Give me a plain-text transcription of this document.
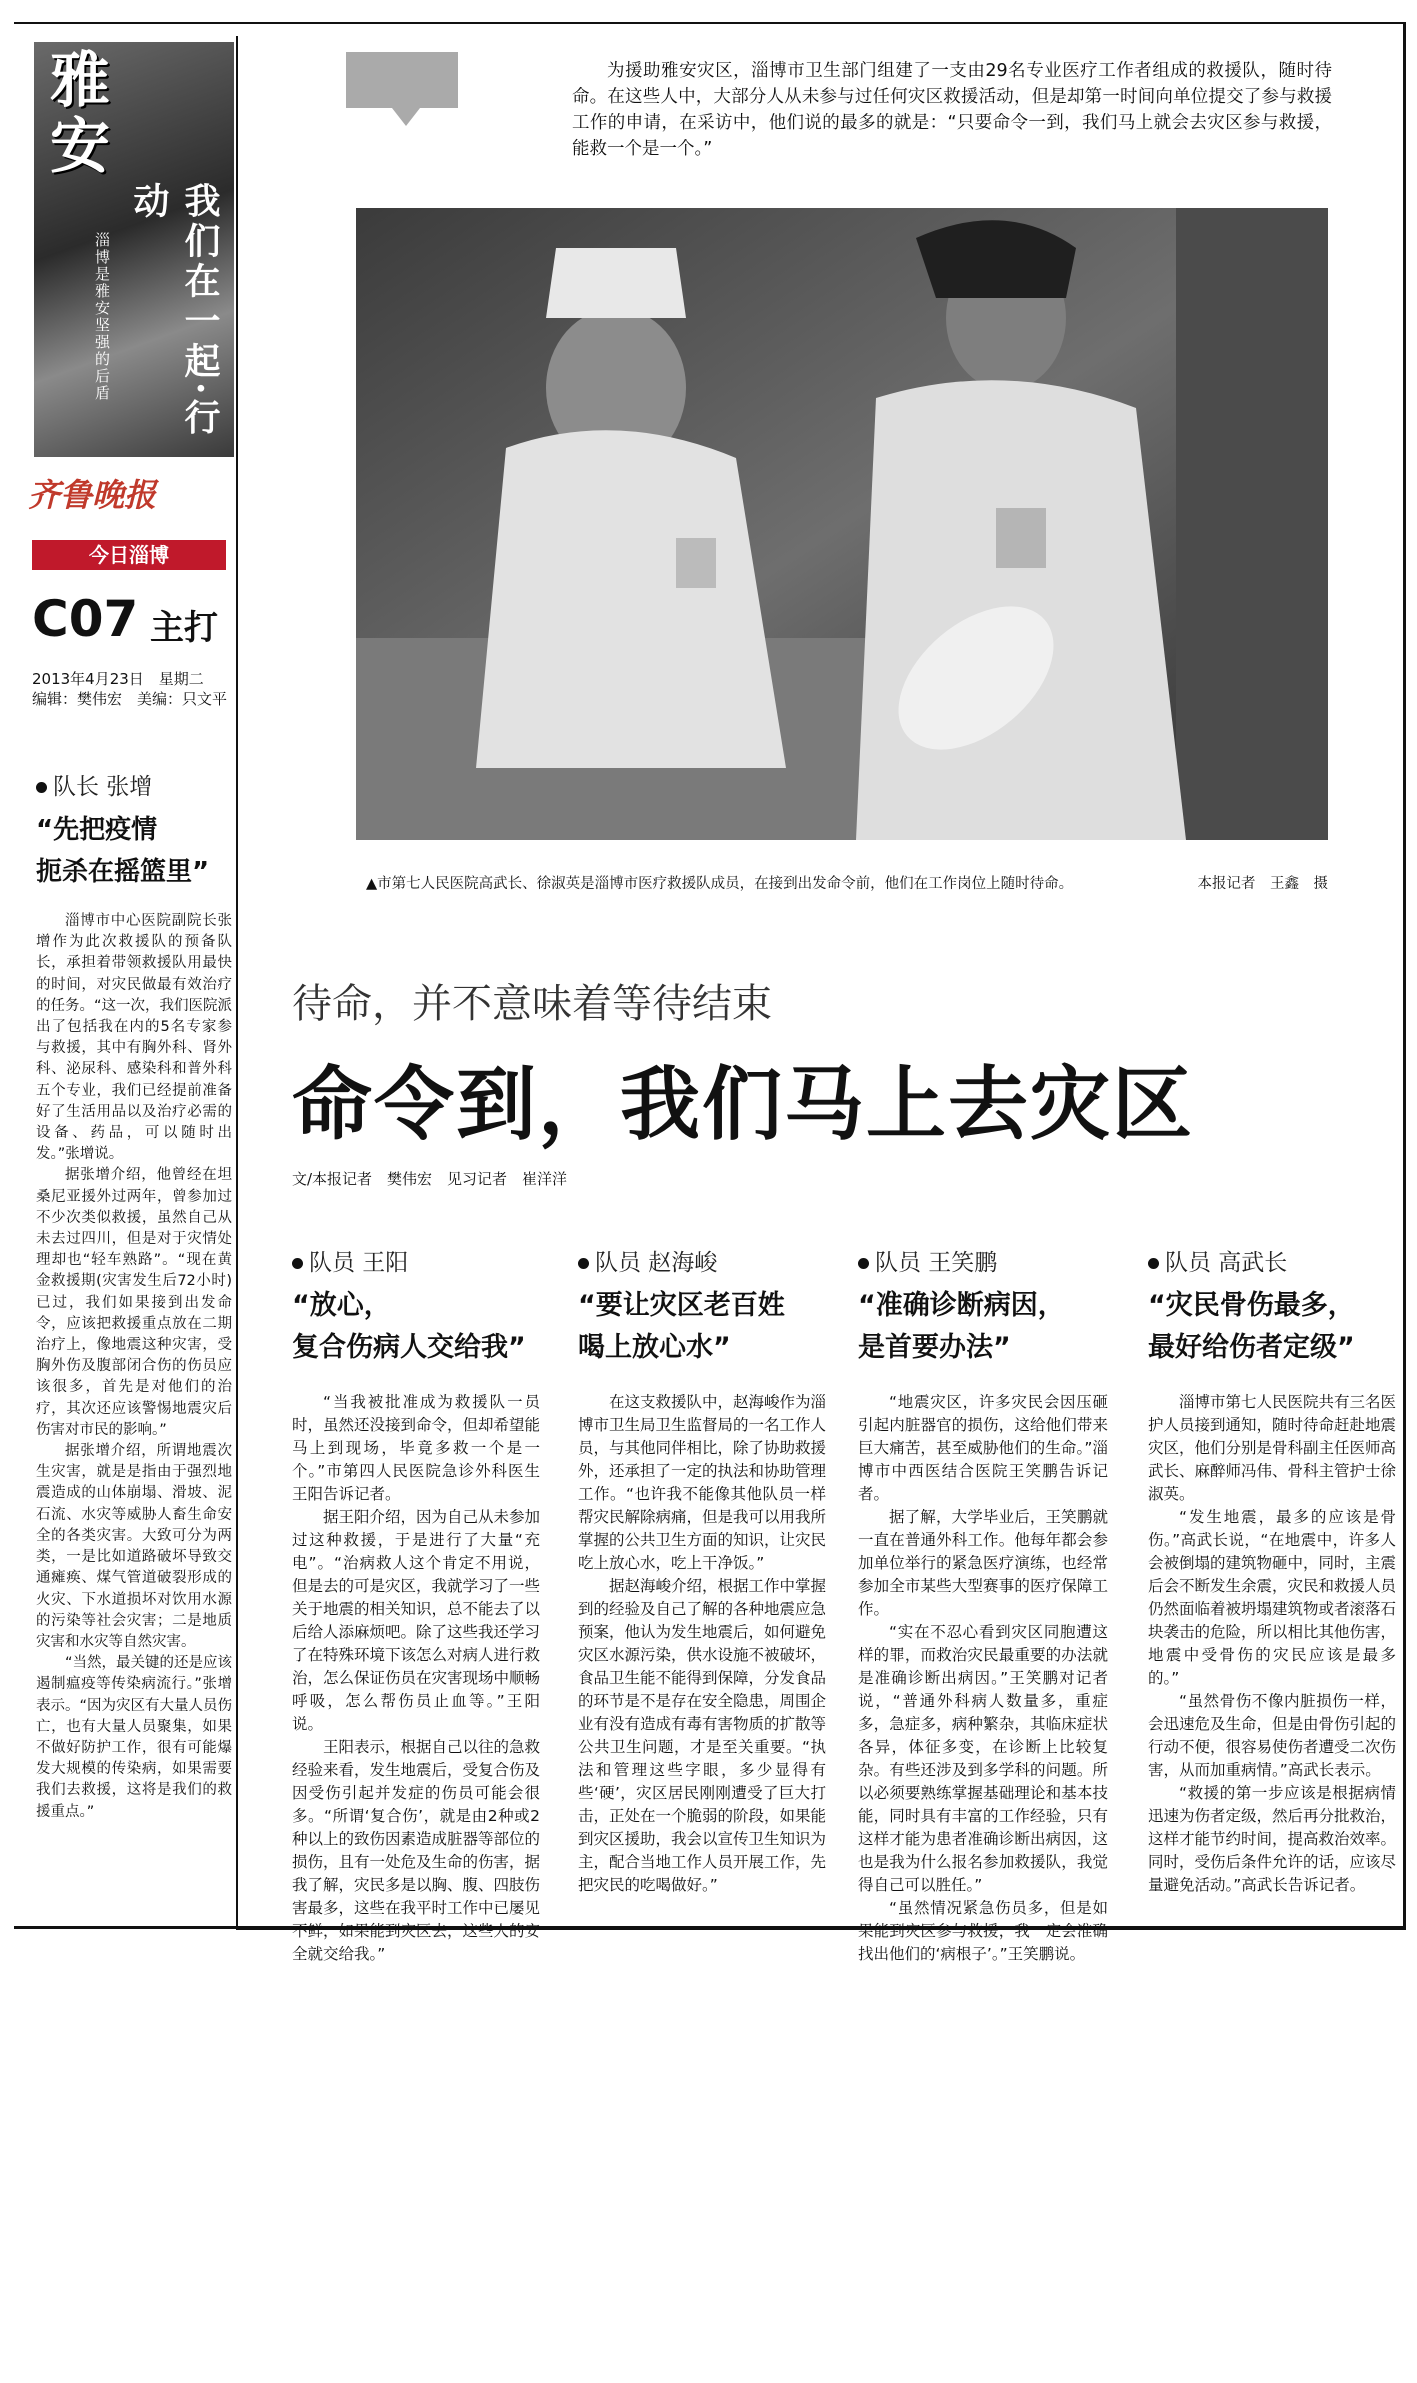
雅
安
淄博是雅安坚强的后盾	我们在一起·行动
齐鲁晚报
今日淄博
C07 主打
2013年4月23日　星期二
编辑：樊伟宏　美编：只文平
为援助雅安灾区，淄博市卫生部门组建了一支由29名专业医疗工作者组成的救援队，随时待命。在这些人中，大部分人从未参与过任何灾区救援活动，但是却第一时间向单位提交了参与救援工作的申请，在采访中，他们说的最多的就是：“只要命令一到，我们马上就会去灾区参与救援，能救一个是一个。”
▲市第七人民医院高武长、徐淑英是淄博市医疗救援队成员，在接到出发命令前，他们在工作岗位上随时待命。	本报记者　王鑫　摄
待命，并不意味着等待结束
命令到，我们马上去灾区
文/本报记者　樊伟宏　见习记者　崔洋洋
队长 张增
“先把疫情
扼杀在摇篮里”

淄博市中心医院副院长张增作为此次救援队的预备队长，承担着带领救援队用最快的时间，对灾民做最有效治疗的任务。“这一次，我们医院派出了包括我在内的5名专家参与救援，其中有胸外科、肾外科、泌尿科、感染科和普外科五个专业，我们已经提前准备好了生活用品以及治疗必需的设备、药品，可以随时出发。”张增说。

据张增介绍，他曾经在坦桑尼亚援外过两年，曾参加过不少次类似救援，虽然自己从未去过四川，但是对于灾情处理却也“轻车熟路”。“现在黄金救援期(灾害发生后72小时)已过，我们如果接到出发命令，应该把救援重点放在二期治疗上，像地震这种灾害，受胸外伤及腹部闭合伤的伤员应该很多，首先是对他们的治疗，其次还应该警惕地震灾后伤害对市民的影响。”

据张增介绍，所谓地震次生灾害，就是是指由于强烈地震造成的山体崩塌、滑坡、泥石流、水灾等威胁人畜生命安全的各类灾害。大致可分为两类，一是比如道路破坏导致交通瘫痪、煤气管道破裂形成的火灾、下水道损坏对饮用水源的污染等社会灾害；二是地质灾害和水灾等自然灾害。

“当然，最关键的还是应该遏制瘟疫等传染病流行。”张增表示。“因为灾区有大量人员伤亡，也有大量人员聚集，如果不做好防护工作，很有可能爆发大规模的传染病，如果需要我们去救援，这将是我们的救援重点。”

队员 王阳
“放心，
复合伤病人交给我”

“当我被批准成为救援队一员时，虽然还没接到命令，但却希望能马上到现场，毕竟多救一个是一个。”市第四人民医院急诊外科医生王阳告诉记者。

据王阳介绍，因为自己从未参加过这种救援，于是进行了大量“充电”。“治病救人这个肯定不用说，但是去的可是灾区，我就学习了一些关于地震的相关知识，总不能去了以后给人添麻烦吧。除了这些我还学习了在特殊环境下该怎么对病人进行救治，怎么保证伤员在灾害现场中顺畅呼吸，怎么帮伤员止血等。”王阳说。

王阳表示，根据自己以往的急救经验来看，发生地震后，受复合伤及因受伤引起并发症的伤员可能会很多。“所谓‘复合伤’，就是由2种或2种以上的致伤因素造成脏器等部位的损伤，且有一处危及生命的伤害，据我了解，灾民多是以胸、腹、四肢伤害最多，这些在我平时工作中已屡见不鲜，如果能到灾区去，这些人的安全就交给我。”

队员 赵海峻
“要让灾区老百姓
喝上放心水”

在这支救援队中，赵海峻作为淄博市卫生局卫生监督局的一名工作人员，与其他同伴相比，除了协助救援外，还承担了一定的执法和协助管理工作。“也许我不能像其他队员一样帮灾民解除病痛，但是我可以用我所掌握的公共卫生方面的知识，让灾民吃上放心水，吃上干净饭。”

据赵海峻介绍，根据工作中掌握到的经验及自己了解的各种地震应急预案，他认为发生地震后，如何避免灾区水源污染，供水设施不被破坏，食品卫生能不能得到保障，分发食品的环节是不是存在安全隐患，周围企业有没有造成有毒有害物质的扩散等公共卫生问题，才是至关重要。“执法和管理这些字眼，多少显得有些‘硬’，灾区居民刚刚遭受了巨大打击，正处在一个脆弱的阶段，如果能到灾区援助，我会以宣传卫生知识为主，配合当地工作人员开展工作，先把灾民的吃喝做好。”

队员 王笑鹏
“准确诊断病因，
是首要办法”

“地震灾区，许多灾民会因压砸引起内脏器官的损伤，这给他们带来巨大痛苦，甚至威胁他们的生命。”淄博市中西医结合医院王笑鹏告诉记者。

据了解，大学毕业后，王笑鹏就一直在普通外科工作。他每年都会参加单位举行的紧急医疗演练，也经常参加全市某些大型赛事的医疗保障工作。

“实在不忍心看到灾区同胞遭这样的罪，而救治灾民最重要的办法就是准确诊断出病因。”王笑鹏对记者说，“普通外科病人数量多，重症多，急症多，病种繁杂，其临床症状各异，体征多变，在诊断上比较复杂。有些还涉及到多学科的问题。所以必须要熟练掌握基础理论和基本技能，同时具有丰富的工作经验，只有这样才能为患者准确诊断出病因，这也是我为什么报名参加救援队，我觉得自己可以胜任。”

“虽然情况紧急伤员多，但是如果能到灾区参与救援，我一定会准确找出他们的‘病根子’。”王笑鹏说。

队员 高武长
“灾民骨伤最多，
最好给伤者定级”

淄博市第七人民医院共有三名医护人员接到通知，随时待命赶赴地震灾区，他们分别是骨科副主任医师高武长、麻醉师冯伟、骨科主管护士徐淑英。

“发生地震，最多的应该是骨伤。”高武长说，“在地震中，许多人会被倒塌的建筑物砸中，同时，主震后会不断发生余震，灾民和救援人员仍然面临着被坍塌建筑物或者滚落石块袭击的危险，所以相比其他伤害，地震中受骨伤的灾民应该是最多的。”

“虽然骨伤不像内脏损伤一样，会迅速危及生命，但是由骨伤引起的行动不便，很容易使伤者遭受二次伤害，从而加重病情。”高武长表示。

“救援的第一步应该是根据病情迅速为伤者定级，然后再分批救治，这样才能节约时间，提高救治效率。同时，受伤后条件允许的话，应该尽量避免活动。”高武长告诉记者。
